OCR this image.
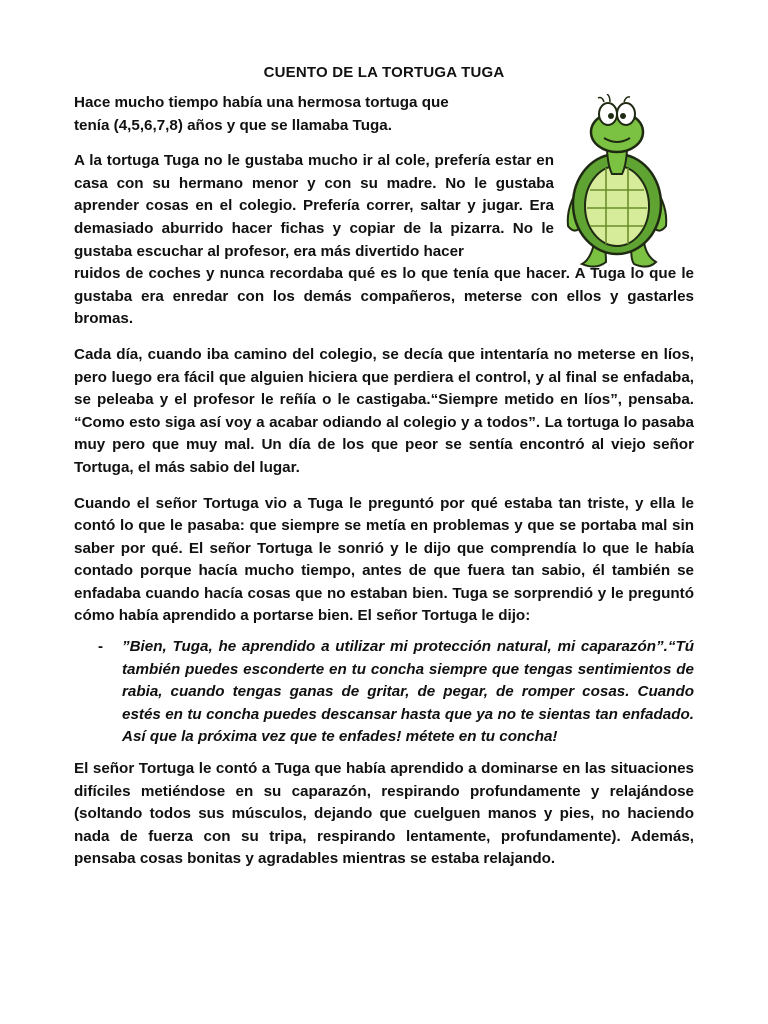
CUENTO DE LA TORTUGA TUGA

Hace mucho tiempo había una hermosa tortuga que
tenía (4,5,6,7,8) años y que se llamaba Tuga.

A la tortuga Tuga no le gustaba mucho ir al cole, prefería estar en casa con su hermano menor y con su madre. No le gustaba aprender cosas en el colegio. Prefería correr, saltar y jugar. Era demasiado aburrido hacer fichas y copiar de la pizarra. No le gustaba escuchar al profesor, era más divertido hacer
ruidos de coches y nunca recordaba qué es lo que tenía que hacer. A Tuga lo que le gustaba era enredar con los demás compañeros, meterse con ellos y gastarles bromas.

Cada día, cuando iba camino del colegio, se decía que intentaría no meterse en líos, pero luego era fácil que alguien hiciera que perdiera el control, y al final se enfadaba, se peleaba y el profesor le reñía o le castigaba.“Siempre metido en líos”, pensaba. “Como esto siga así voy a acabar odiando al colegio y a todos”. La tortuga lo pasaba muy pero que muy mal. Un día de los que peor se sentía encontró al viejo señor Tortuga, el más sabio del lugar.

Cuando el señor Tortuga vio a Tuga le preguntó por qué estaba tan triste, y ella le contó lo que le pasaba: que siempre se metía en problemas y que se portaba mal sin saber por qué. El señor Tortuga le sonrió y le dijo que comprendía lo que le había contado porque hacía mucho tiempo, antes de que fuera tan sabio, él también se enfadaba cuando hacía cosas que no estaban bien. Tuga se sorprendió y le preguntó cómo había aprendido a portarse bien. El señor Tortuga le dijo:

- ”Bien, Tuga, he aprendido a utilizar mi protección natural, mi caparazón”.“Tú también puedes esconderte en tu concha siempre que tengas sentimientos de rabia, cuando tengas ganas de gritar, de pegar, de romper cosas. Cuando estés en tu concha puedes descansar hasta que ya no te sientas tan enfadado. Así que la próxima vez que te enfades! métete en tu concha!

El señor Tortuga le contó a Tuga que había aprendido a dominarse en las situaciones difíciles metiéndose en su caparazón, respirando profundamente y relajándose (soltando todos sus músculos, dejando que cuelguen manos y pies, no haciendo nada de fuerza con su tripa, respirando lentamente, profundamente). Además, pensaba cosas bonitas y agradables mientras se estaba relajando.
